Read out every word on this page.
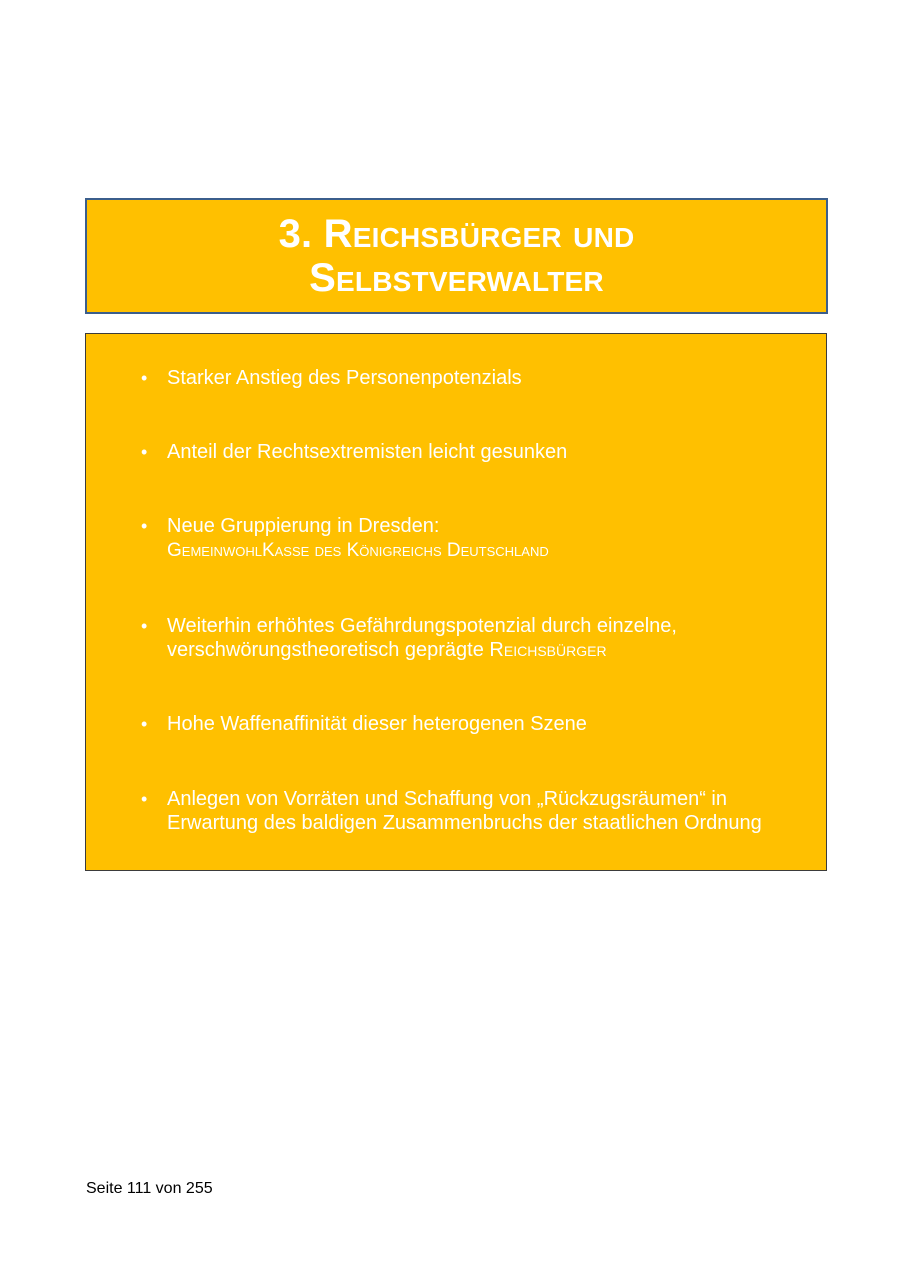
3. Reichsbürger und
Selbstverwalter
• Starker Anstieg des Personenpotenzials
• Anteil der Rechtsextremisten leicht gesunken
• Neue Gruppierung in Dresden:
GemeinwohlKasse des Königreichs Deutschland
• Weiterhin erhöhtes Gefährdungspotenzial durch einzelne,
verschwörungstheoretisch geprägte Reichsbürger
• Hohe Waffenaffinität dieser heterogenen Szene
• Anlegen von Vorräten und Schaffung von „Rückzugsräumen“ in
Erwartung des baldigen Zusammenbruchs der staatlichen Ordnung
Seite 111 von 255
